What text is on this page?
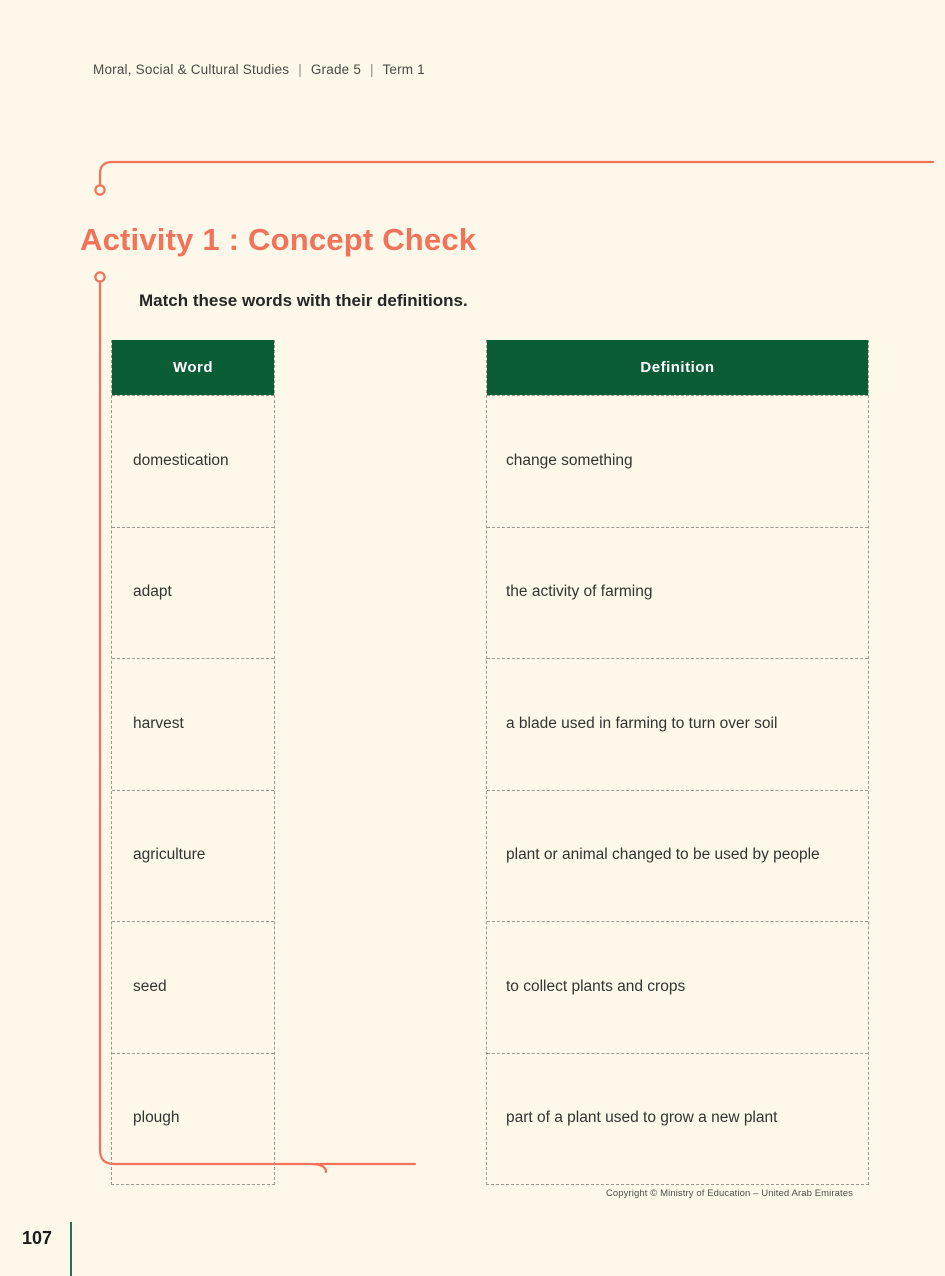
Moral, Social & Cultural Studies | Grade 5 | Term 1
Activity 1 : Concept Check
Match these words with their definitions.
Word
domestication
adapt
harvest
agriculture
seed
plough
Definition
change something
the activity of farming
a blade used in farming to turn over soil
plant or animal changed to be used by people
to collect plants and crops
part of a plant used to grow a new plant
Copyright © Ministry of Education – United Arab Emirates
107
